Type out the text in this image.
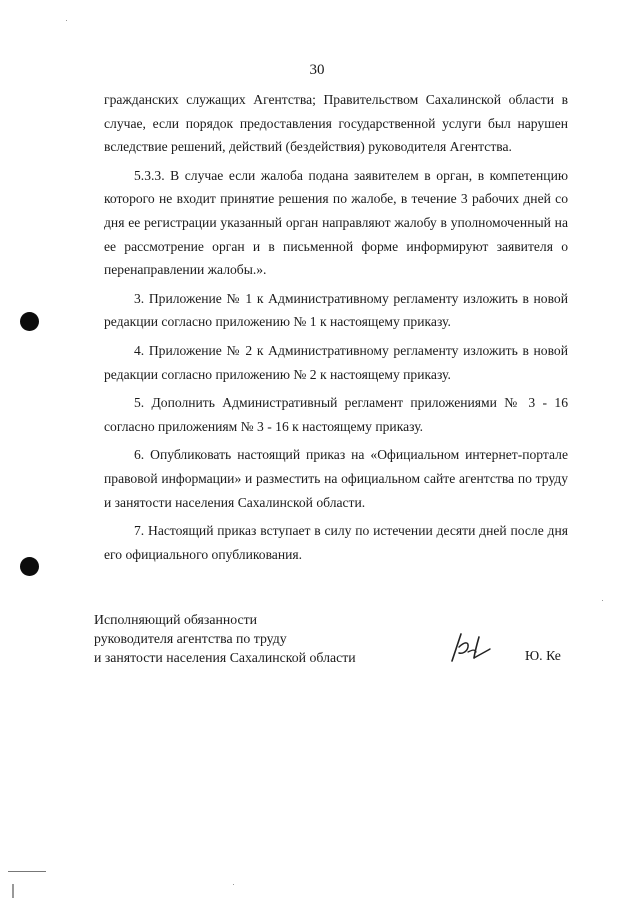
30

гражданских служащих Агентства; Правительством Сахалинской области в случае, если порядок предоставления государственной услуги был нарушен вследствие решений, действий (бездействия) руководителя Агентства.

5.3.3. В случае если жалоба подана заявителем в орган, в компетенцию которого не входит принятие решения по жалобе, в течение 3 рабочих дней со дня ее регистрации указанный орган направляют жалобу в уполномоченный на ее рассмотрение орган и в письменной форме информируют заявителя о перенаправлении жалобы.».

3. Приложение № 1 к Административному регламенту изложить в новой редакции согласно приложению № 1 к настоящему приказу.

4. Приложение № 2 к Административному регламенту изложить в новой редакции согласно приложению № 2 к настоящему приказу.

5. Дополнить Административный регламент приложениями № 3 - 16 согласно приложениям № 3 - 16 к настоящему приказу.

6. Опубликовать настоящий приказ на «Официальном интернет-портале правовой информации» и разместить на официальном сайте агентства по труду и занятости населения Сахалинской области.

7. Настоящий приказ вступает в силу по истечении десяти дней после дня его официального опубликования.

Исполняющий обязанности
руководителя агентства по труду
и занятости населения Сахалинской области	Ю. Ке
